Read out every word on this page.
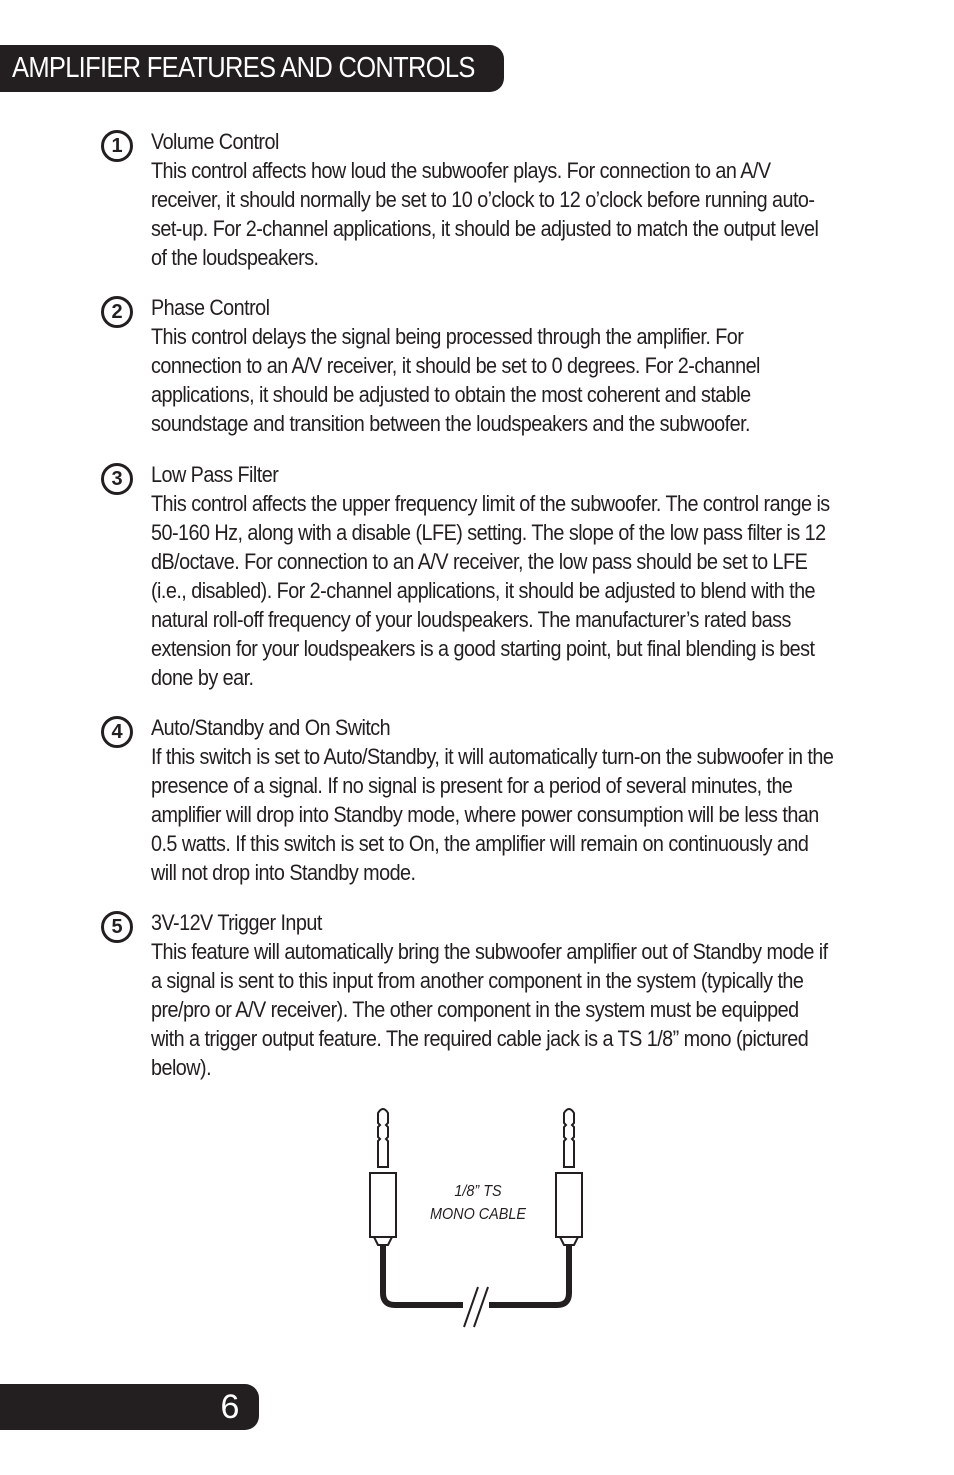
AMPLIFIER FEATURES AND CONTROLS
1	Volume Control
This control affects how loud the subwoofer plays. For connection to an A/V receiver, it should normally be set to 10 o’clock to 12 o’clock before running auto-set-up. For 2-channel applications, it should be adjusted to match the output level of the loudspeakers.
2	Phase Control
This control delays the signal being processed through the amplifier. For connection to an A/V receiver, it should be set to 0 degrees. For 2-channel applications, it should be adjusted to obtain the most coherent and stable soundstage and transition between the loudspeakers and the subwoofer.
3	Low Pass Filter
This control affects the upper frequency limit of the subwoofer. The control range is 50-160 Hz, along with a disable (LFE) setting. The slope of the low pass filter is 12 dB/octave. For connection to an A/V receiver, the low pass should be set to LFE (i.e., disabled). For 2-channel applications, it should be adjusted to blend with the natural roll-off frequency of your loudspeakers. The manufacturer’s rated bass extension for your loudspeakers is a good starting point, but final blending is best done by ear.
4	Auto/Standby and On Switch
If this switch is set to Auto/Standby, it will automatically turn-on the subwoofer in the presence of a signal. If no signal is present for a period of several minutes, the amplifier will drop into Standby mode, where power consumption will be less than 0.5 watts. If this switch is set to On, the amplifier will remain on continuously and will not drop into Standby mode.
5	3V-12V Trigger Input
This feature will automatically bring the subwoofer amplifier out of Standby mode if a signal is sent to this input from another component in the system (typically the pre/pro or A/V receiver). The other component in the system must be equipped with a trigger output feature. The required cable jack is a TS 1/8” mono (pictured below).
1/8” TS
MONO CABLE
6
